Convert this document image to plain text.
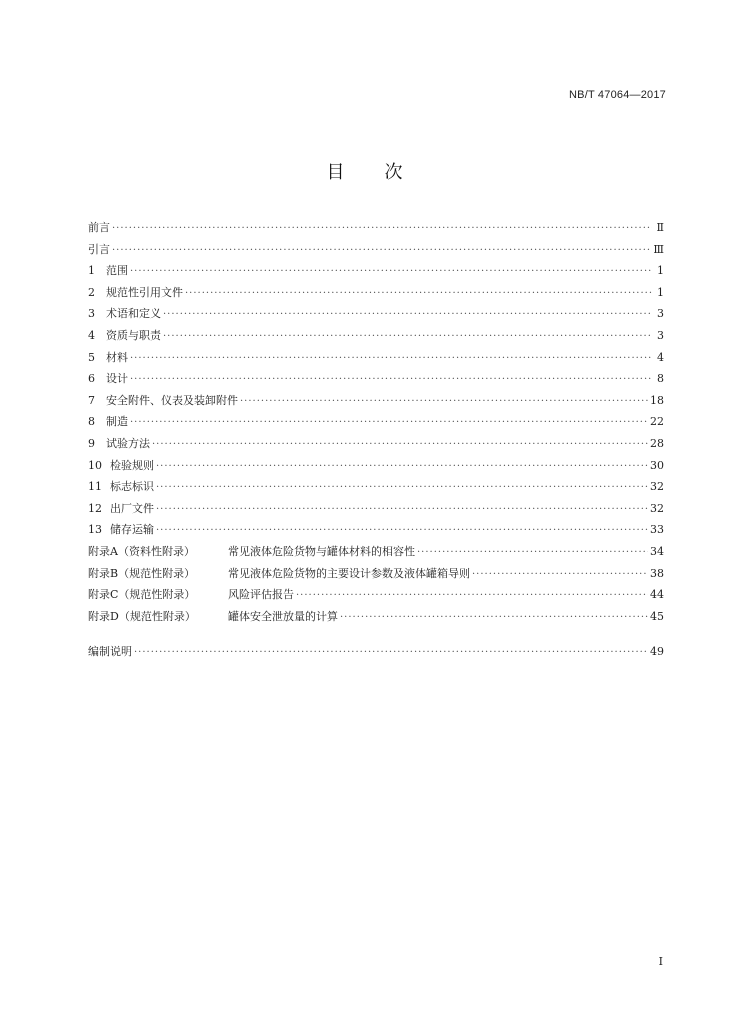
NB/T 47064—2017
目次
前言 ·····	Ⅱ
引言 ·····	Ⅲ
1	范围 ·····	1
2	规范性引用文件 ·····	1
3	术语和定义 ·····	3
4	资质与职责 ·····	3
5	材料 ·····	4
6	设计 ·····	8
7	安全附件、仪表及装卸附件 ·····	18
8	制造 ·····	22
9	试验方法 ·····	28
10 检验规则 ·····	30
11 标志标识 ·····	32
12 出厂文件 ·····	32
13 储存运输 ·····	33
附录A（资料性附录）	常见液体危险货物与罐体材料的相容性 ·····	34
附录B（规范性附录）	常见液体危险货物的主要设计参数及液体罐箱导则 ·····	38
附录C（规范性附录）	风险评估报告 ·····	44
附录D（规范性附录）	罐体安全泄放量的计算 ·····	45
编制说明 ·····	49
Ⅰ
